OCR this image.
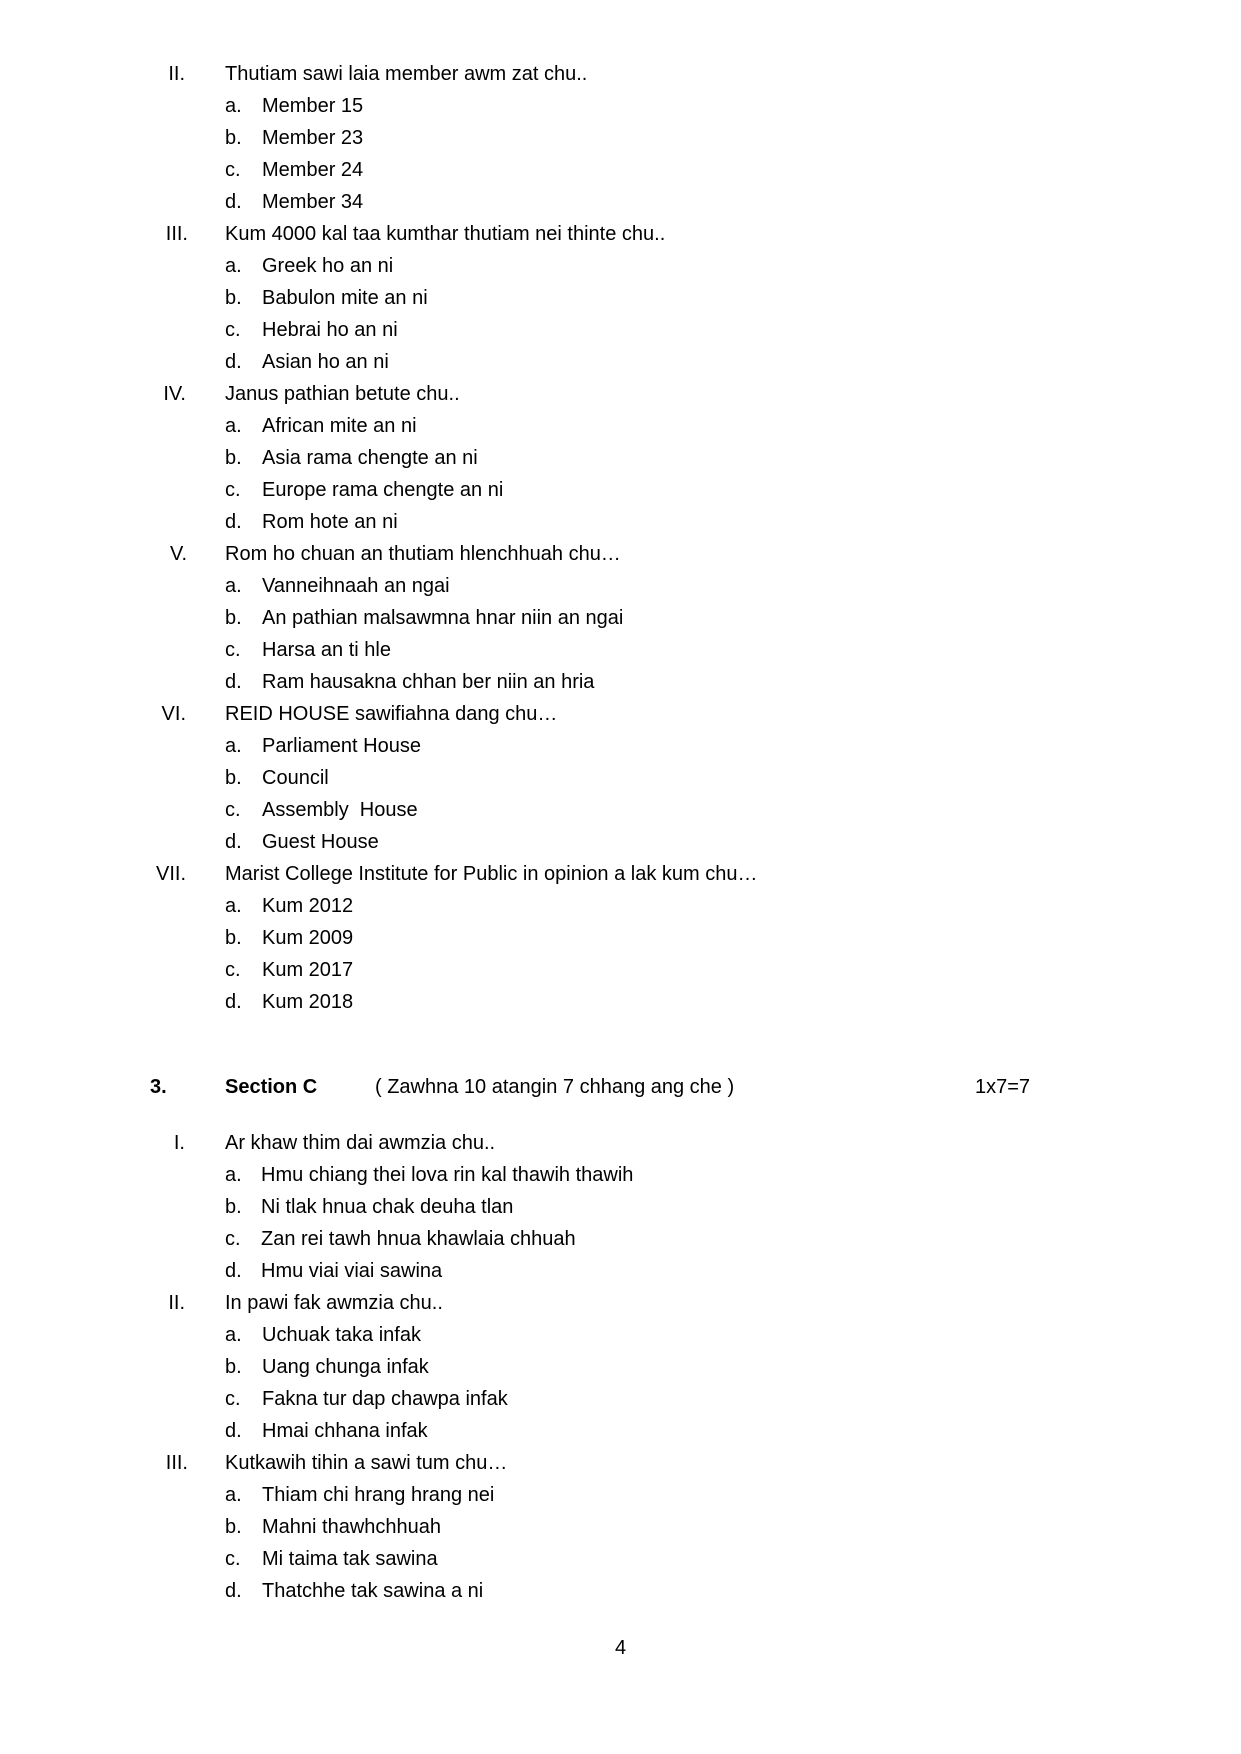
II. Thutiam sawi laia member awm zat chu..
a. Member 15
b. Member 23
c. Member 24
d. Member 34
III. Kum 4000 kal taa kumthar thutiam nei thinte chu..
a. Greek ho an ni
b. Babulon mite an ni
c. Hebrai ho an ni
d. Asian ho an ni
IV. Janus pathian betute chu..
a. African mite an ni
b. Asia rama chengte an ni
c. Europe rama chengte an ni
d. Rom hote an ni
V. Rom ho chuan an thutiam hlenchhuah chu…
a. Vanneihnaah an ngai
b. An pathian malsawmna hnar niin an ngai
c. Harsa an ti hle
d. Ram hausakna chhan ber niin an hria
VI. REID HOUSE sawifiahna dang chu…
a. Parliament House
b. Council
c. Assembly  House
d. Guest House
VII. Marist College Institute for Public in opinion a lak kum chu…
a. Kum 2012
b. Kum 2009
c. Kum 2017
d. Kum 2018
3.	Section C	( Zawhna 10 atangin 7 chhang ang che )	1x7=7
I. Ar khaw thim dai awmzia chu..
a. Hmu chiang thei lova rin kal thawih thawih
b. Ni tlak hnua chak deuha tlan
c. Zan rei tawh hnua khawlaia chhuah
d. Hmu viai viai sawina
II. In pawi fak awmzia chu..
a. Uchuak taka infak
b. Uang chunga infak
c. Fakna tur dap chawpa infak
d. Hmai chhana infak
III. Kutkawih tihin a sawi tum chu…
a. Thiam chi hrang hrang nei
b. Mahni thawhchhuah
c. Mi taima tak sawina
d. Thatchhe tak sawina a ni
4
